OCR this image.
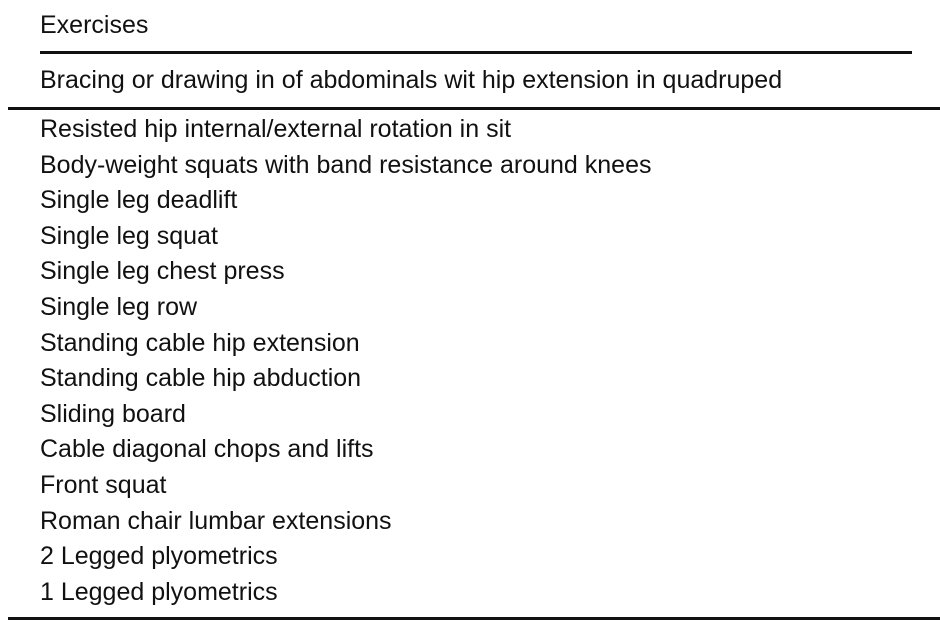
Exercises
Bracing or drawing in of abdominals wit hip extension in quadruped
Resisted hip internal/external rotation in sit
Body-weight squats with band resistance around knees
Single leg deadlift
Single leg squat
Single leg chest press
Single leg row
Standing cable hip extension
Standing cable hip abduction
Sliding board
Cable diagonal chops and lifts
Front squat
Roman chair lumbar extensions
2 Legged plyometrics
1 Legged plyometrics
